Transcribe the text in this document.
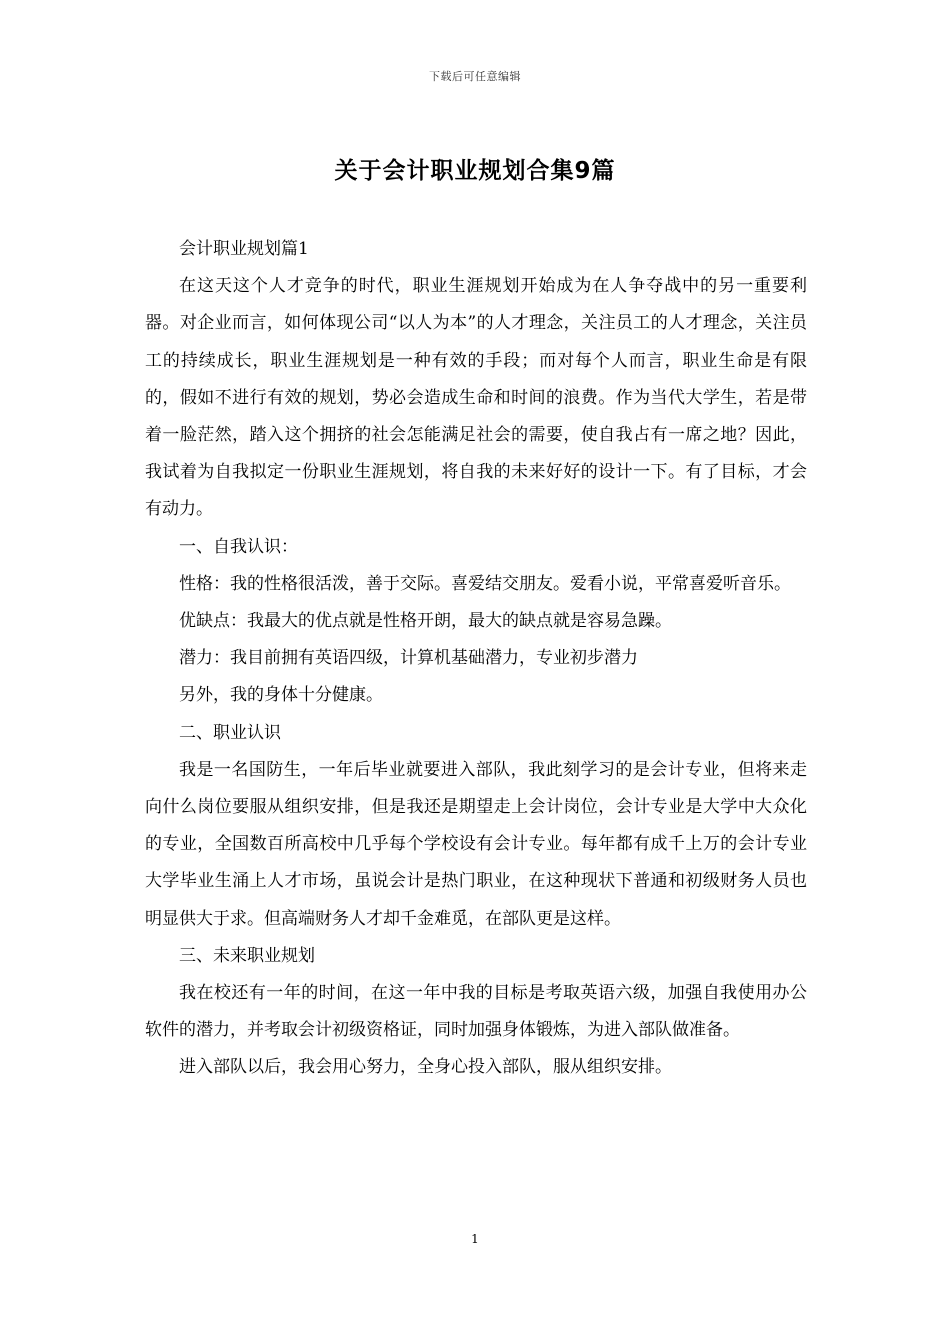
下载后可任意编辑
关于会计职业规划合集9篇

会计职业规划篇1

在这天这个人才竞争的时代，职业生涯规划开始成为在人争夺战中的另一重要利器。对企业而言，如何体现公司“以人为本”的人才理念，关注员工的人才理念，关注员工的持续成长，职业生涯规划是一种有效的手段；而对每个人而言，职业生命是有限的，假如不进行有效的规划，势必会造成生命和时间的浪费。作为当代大学生，若是带着一脸茫然，踏入这个拥挤的社会怎能满足社会的需要，使自我占有一席之地？因此，我试着为自我拟定一份职业生涯规划，将自我的未来好好的设计一下。有了目标，才会有动力。

一、自我认识：

性格：我的性格很活泼，善于交际。喜爱结交朋友。爱看小说，平常喜爱听音乐。

优缺点：我最大的优点就是性格开朗，最大的缺点就是容易急躁。

潜力：我目前拥有英语四级，计算机基础潜力，专业初步潜力

另外，我的身体十分健康。

二、职业认识

我是一名国防生，一年后毕业就要进入部队，我此刻学习的是会计专业，但将来走向什么岗位要服从组织安排，但是我还是期望走上会计岗位，会计专业是大学中大众化的专业，全国数百所高校中几乎每个学校设有会计专业。每年都有成千上万的会计专业大学毕业生涌上人才市场，虽说会计是热门职业，在这种现状下普通和初级财务人员也明显供大于求。但高端财务人才却千金难觅，在部队更是这样。

三、未来职业规划

我在校还有一年的时间，在这一年中我的目标是考取英语六级，加强自我使用办公软件的潜力，并考取会计初级资格证，同时加强身体锻炼，为进入部队做准备。

进入部队以后，我会用心努力，全身心投入部队，服从组织安排。

1
